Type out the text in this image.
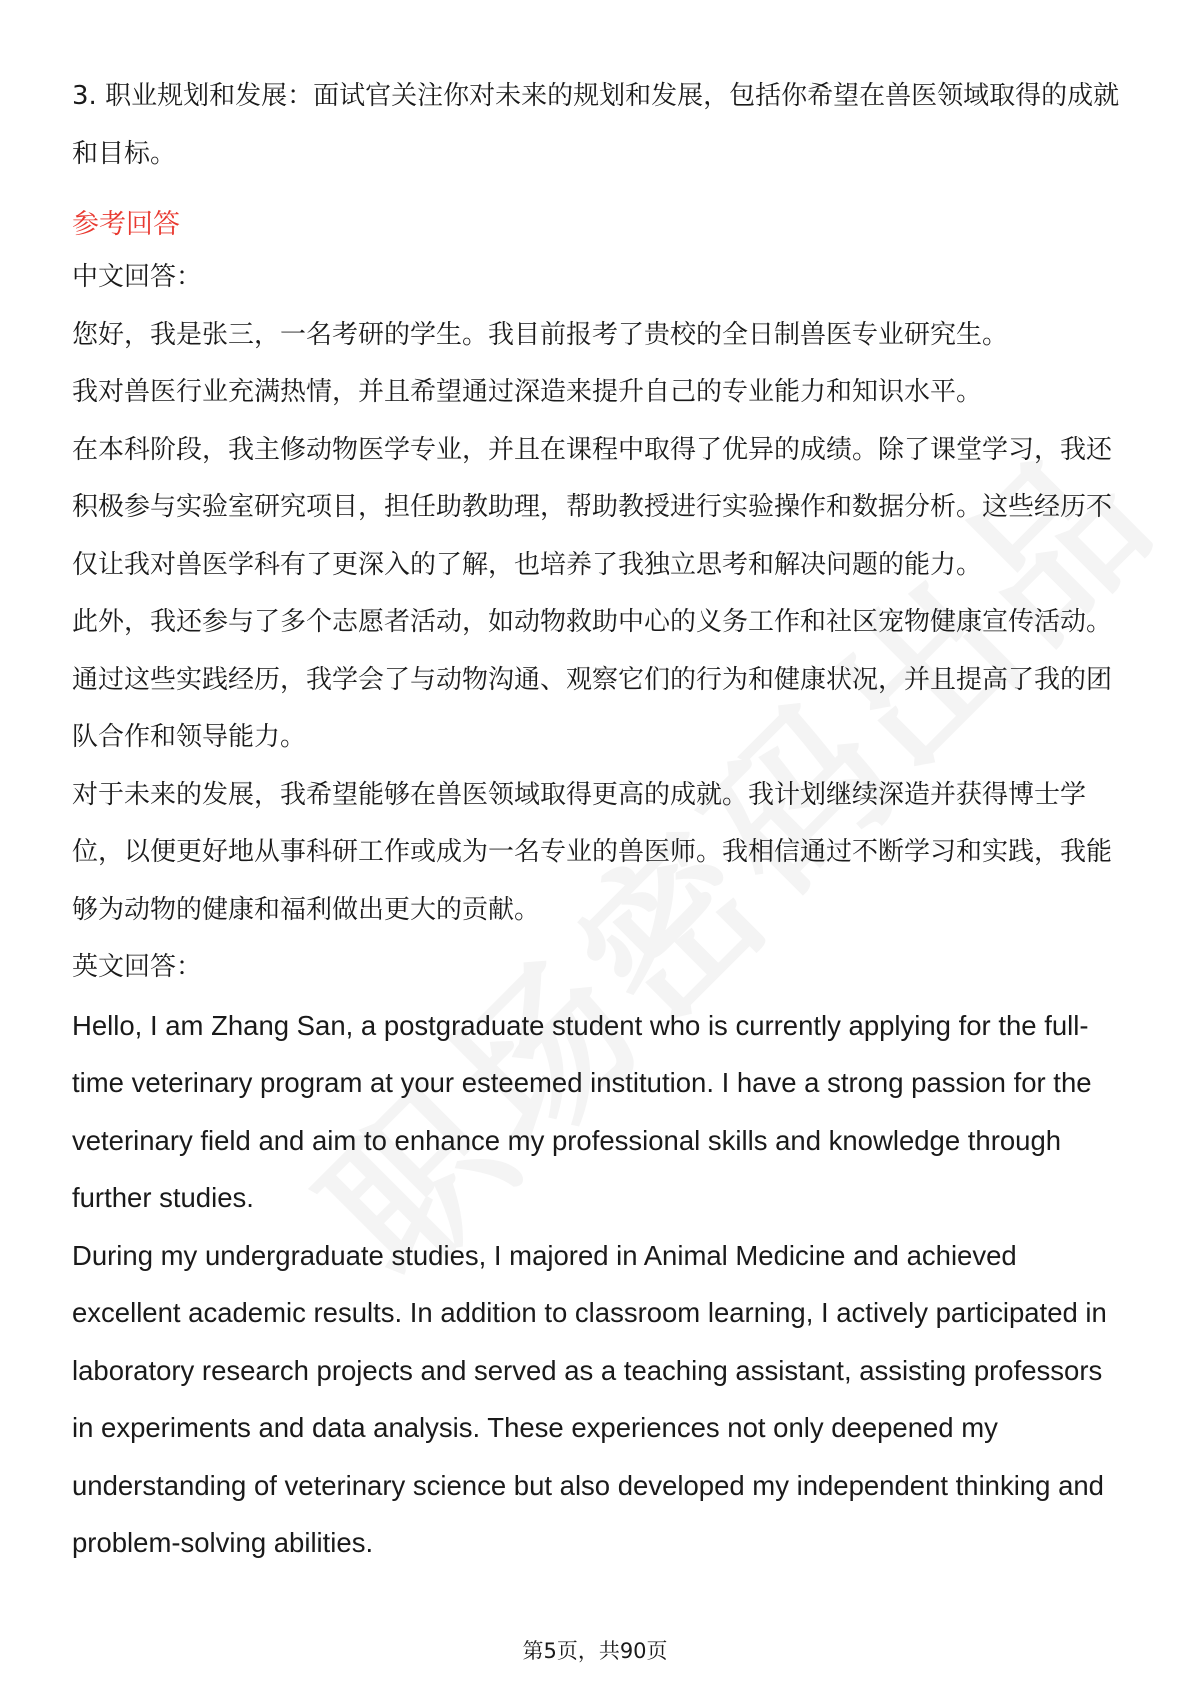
3. 职业规划和发展：面试官关注你对未来的规划和发展，包括你希望在兽医领域取得的成就和目标。

参考回答

中文回答：

您好，我是张三，一名考研的学生。我目前报考了贵校的全日制兽医专业研究生。

我对兽医行业充满热情，并且希望通过深造来提升自己的专业能力和知识水平。

在本科阶段，我主修动物医学专业，并且在课程中取得了优异的成绩。除了课堂学习，我还积极参与实验室研究项目，担任助教助理，帮助教授进行实验操作和数据分析。这些经历不仅让我对兽医学科有了更深入的了解，也培养了我独立思考和解决问题的能力。

此外，我还参与了多个志愿者活动，如动物救助中心的义务工作和社区宠物健康宣传活动。通过这些实践经历，我学会了与动物沟通、观察它们的行为和健康状况，并且提高了我的团队合作和领导能力。

对于未来的发展，我希望能够在兽医领域取得更高的成就。我计划继续深造并获得博士学位，以便更好地从事科研工作或成为一名专业的兽医师。我相信通过不断学习和实践，我能够为动物的健康和福利做出更大的贡献。

英文回答：

Hello, I am Zhang San, a postgraduate student who is currently applying for the full-time veterinary program at your esteemed institution. I have a strong passion for the veterinary field and aim to enhance my professional skills and knowledge through further studies.

During my undergraduate studies, I majored in Animal Medicine and achieved excellent academic results. In addition to classroom learning, I actively participated in laboratory research projects and served as a teaching assistant, assisting professors in experiments and data analysis. These experiences not only deepened my understanding of veterinary science but also developed my independent thinking and problem-solving abilities.

第5页，共90页
